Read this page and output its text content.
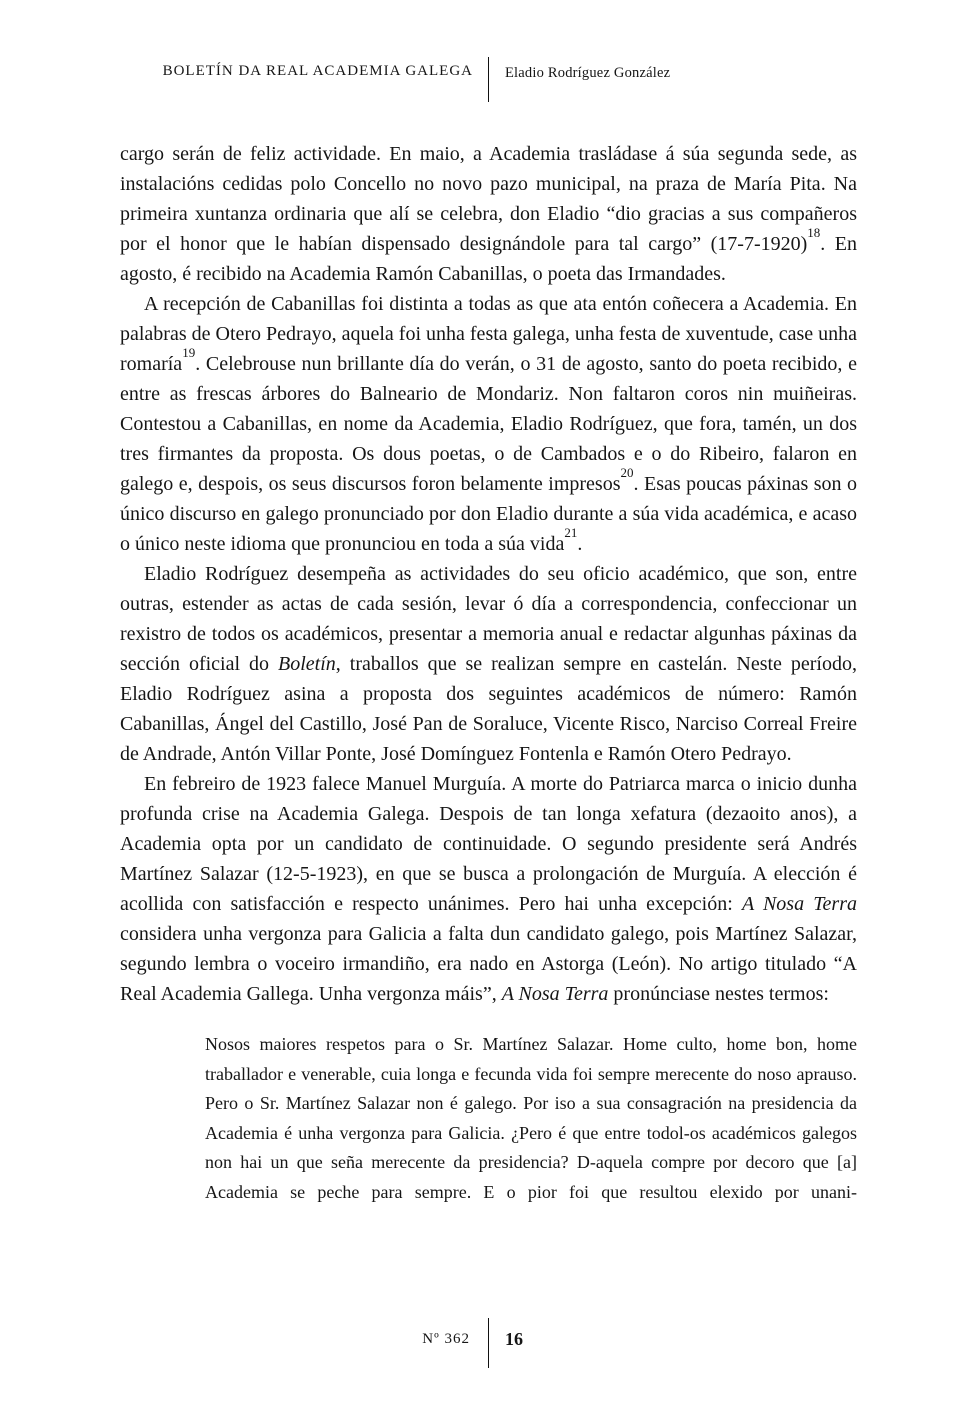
BOLETÍN DA REAL ACADEMIA GALEGA Eladio Rodríguez González

cargo serán de feliz actividade. En maio, a Academia trasládase á súa segunda sede, as instalacións cedidas polo Concello no novo pazo municipal, na praza de María Pita. Na primeira xuntanza ordinaria que alí se celebra, don Eladio “dio gracias a sus compañeros por el honor que le habían dispensado designándole para tal cargo” $(17-7-1920)^{18}$. En agosto, é recibido na Academia Ramón Cabanillas, o poeta das Irmandades.

A recepción de Cabanillas foi distinta a todas as que ata entón coñecera a Academia. En palabras de Otero Pedrayo, aquela foi unha festa galega, unha festa de xuventude, case unha romaría$^{19}$. Celebrouse nun brillante día do verán, o 31 de agosto, santo do poeta recibido, e entre as frescas árbores do Balneario de Mondariz. Non faltaron coros nin muiñeiras. Contestou a Cabanillas, en nome da Academia, Eladio Rodríguez, que fora, tamén, un dos tres firmantes da proposta. Os dous poetas, o de Cambados e o do Ribeiro, falaron en galego e, despois, os seus discursos foron belamente impresos$^{20}$. Esas poucas páxinas son o único discurso en galego pronunciado por don Eladio durante a súa vida académica, e acaso o único neste idioma que pronunciou en toda a súa vida$^{21}$.

Eladio Rodríguez desempeña as actividades do seu oficio académico, que son, entre outras, estender as actas de cada sesión, levar ó día a correspondencia, confeccionar un rexistro de todos os académicos, presentar a memoria anual e redactar algunhas páxinas da sección oficial do Boletín, traballos que se realizan sempre en castelán. Neste período, Eladio Rodríguez asina a proposta dos seguintes académicos de número: Ramón Cabanillas, Ángel del Castillo, José Pan de Soraluce, Vicente Risco, Narciso Correal Freire de Andrade, Antón Villar Ponte, José Domínguez Fontenla e Ramón Otero Pedrayo.

En febreiro de 1923 falece Manuel Murguía. A morte do Patriarca marca o inicio dunha profunda crise na Academia Galega. Despois de tan longa xefatura (dezaoito anos), a Academia opta por un candidato de continuidade. O segundo presidente será Andrés Martínez Salazar (12-5-1923), en que se busca a prolongación de Murguía. A elección é acollida con satisfacción e respecto unánimes. Pero hai unha excepción: A Nosa Terra considera unha vergonza para Galicia a falta dun candidato galego, pois Martínez Salazar, segundo lembra o voceiro irmandiño, era nado en Astorga (León). No artigo titulado “A Real Academia Gallega. Unha vergonza máis”, A Nosa Terra pronúnciase nestes termos:

Nosos maiores respetos para o Sr. Martínez Salazar. Home culto, home bon, home traballador e venerable, cuia longa e fecunda vida foi sempre merecente do noso aprauso. Pero o Sr. Martínez Salazar non é galego. Por iso a sua consagración na presidencia da Academia é unha vergonza para Galicia. ¿Pero é que entre todol-os académicos galegos non hai un que seña merecente da presidencia? D-aquela compre por decoro que [a] Academia se peche para sempre. E o pior foi que resultou elexido por unani-
Nº 362 16
